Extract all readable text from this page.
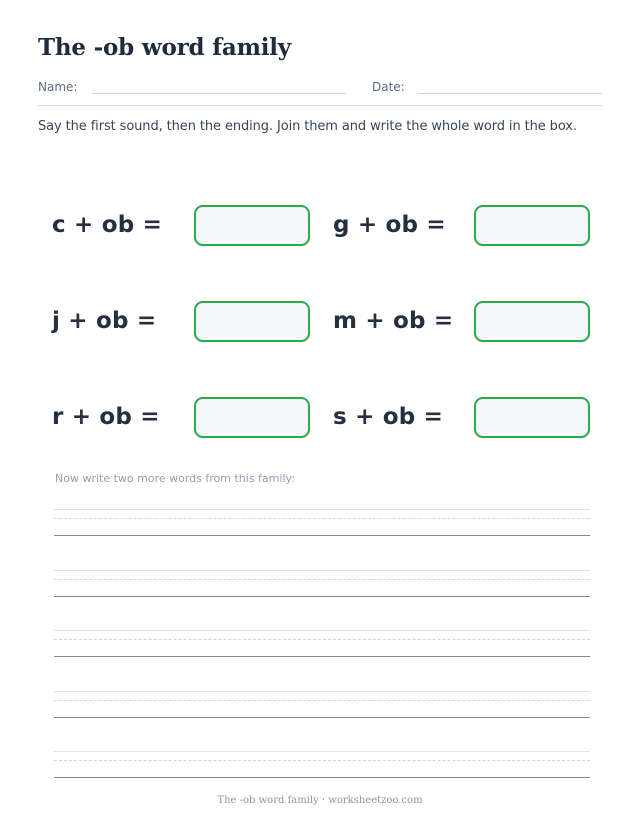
The -ob word family
Name:	Date:
Say the first sound, then the ending. Join them and write the whole word in the box.
c + ob =	g + ob =
j + ob =	m + ob =
r + ob =	s + ob =
Now write two more words from this family:
The -ob word family · worksheetzoo.com
